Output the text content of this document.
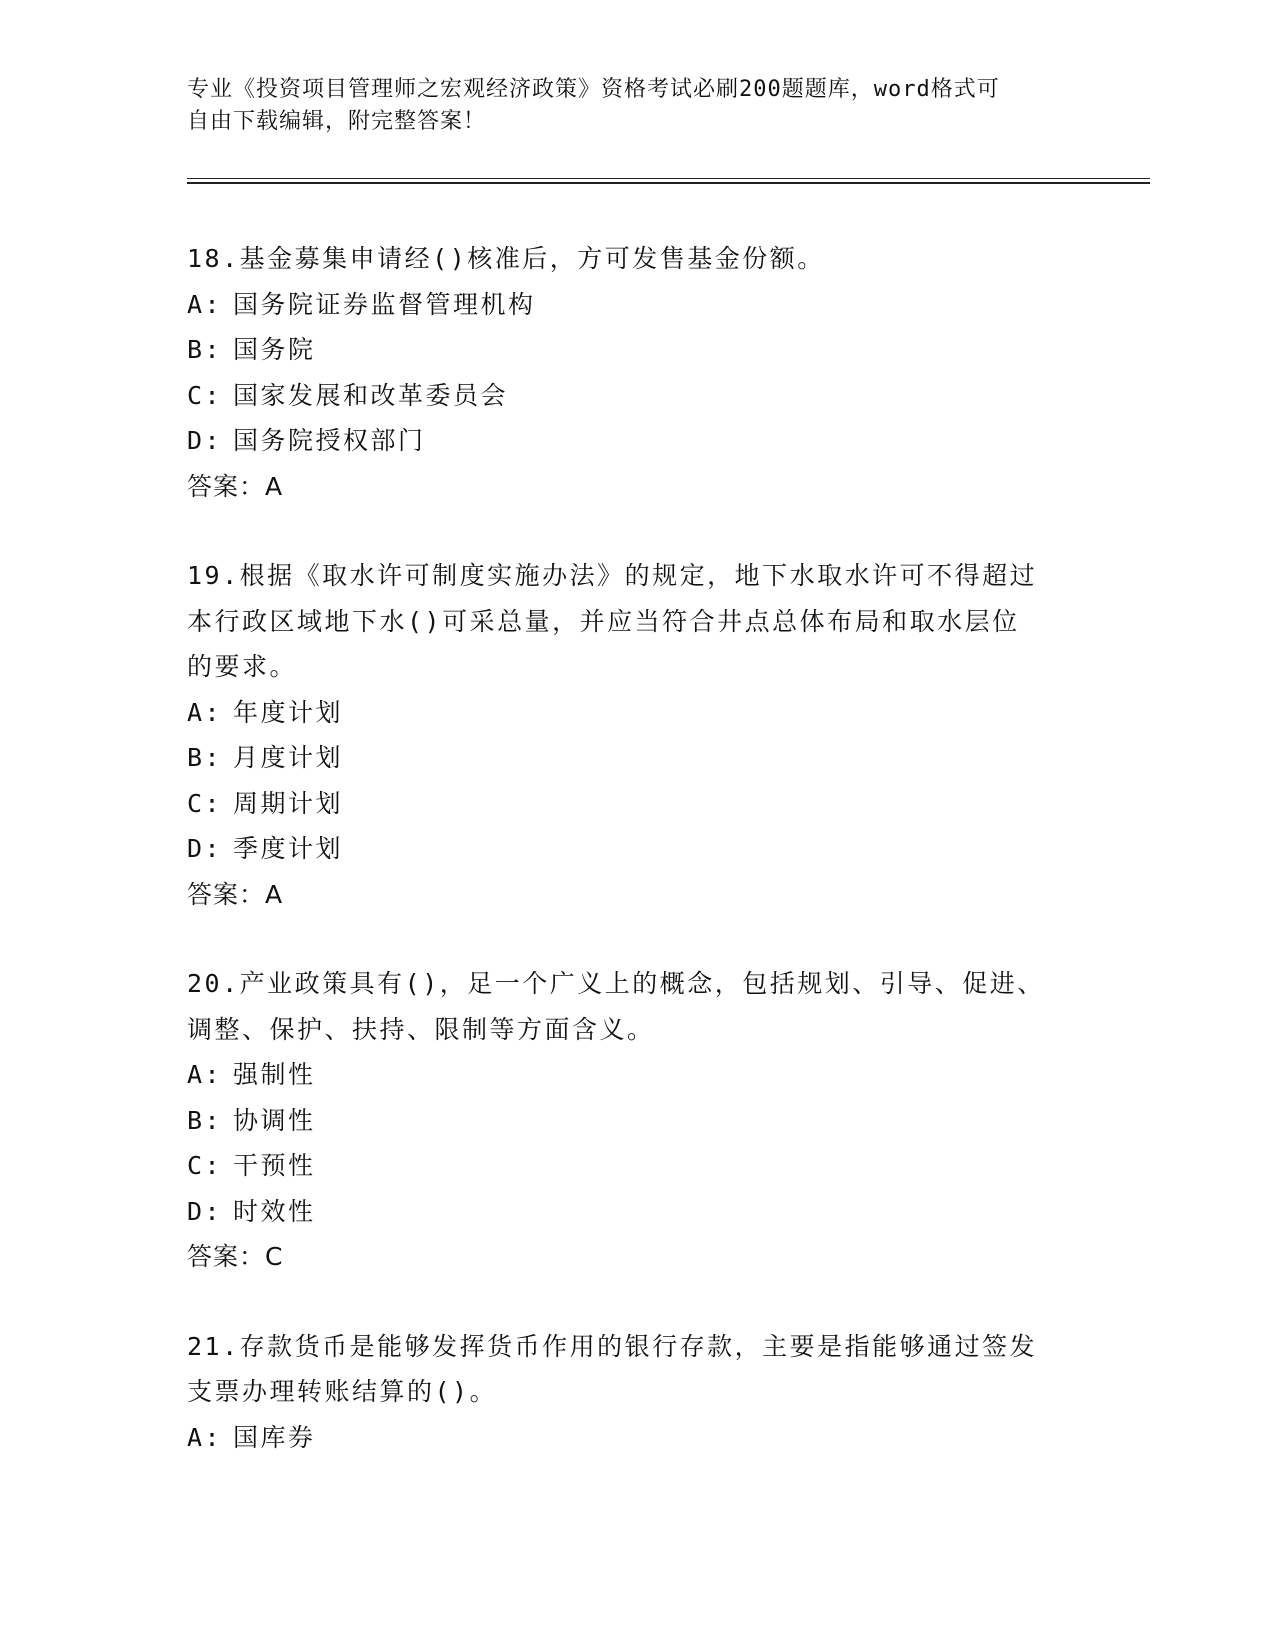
专业《投资项目管理师之宏观经济政策》资格考试必刷200题题库，word格式可
自由下载编辑，附完整答案！
18.基金募集申请经()核准后，方可发售基金份额。
A: 国务院证券监督管理机构
B: 国务院
C: 国家发展和改革委员会
D: 国务院授权部门
答案：A
19.根据《取水许可制度实施办法》的规定，地下水取水许可不得超过
本行政区域地下水()可采总量，并应当符合井点总体布局和取水层位
的要求。
A: 年度计划
B: 月度计划
C: 周期计划
D: 季度计划
答案：A
20.产业政策具有()，足一个广义上的概念，包括规划、引导、促进、
调整、保护、扶持、限制等方面含义。
A: 强制性
B: 协调性
C: 干预性
D: 时效性
答案：C
21.存款货币是能够发挥货币作用的银行存款，主要是指能够通过签发
支票办理转账结算的()。
A: 国库券
